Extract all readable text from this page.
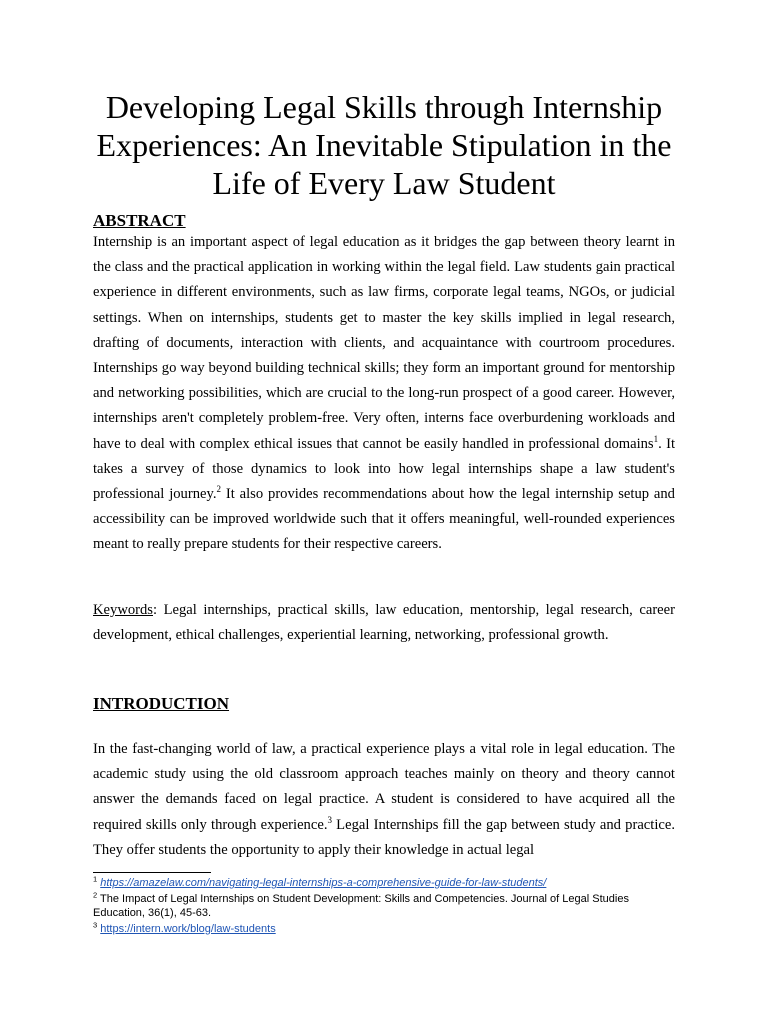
Developing Legal Skills through Internship Experiences: An Inevitable Stipulation in the Life of Every Law Student
ABSTRACT

Internship is an important aspect of legal education as it bridges the gap between theory learnt in the class and the practical application in working within the legal field. Law students gain practical experience in different environments, such as law firms, corporate legal teams, NGOs, or judicial settings. When on internships, students get to master the key skills implied in legal research, drafting of documents, interaction with clients, and acquaintance with courtroom procedures. Internships go way beyond building technical skills; they form an important ground for mentorship and networking possibilities, which are crucial to the long-run prospect of a good career. However, internships aren't completely problem-free. Very often, interns face overburdening workloads and have to deal with complex ethical issues that cannot be easily handled in professional domains$^1$. It takes a survey of those dynamics to look into how legal internships shape a law student's professional journey.$^2$ It also provides recommendations about how the legal internship setup and accessibility can be improved worldwide such that it offers meaningful, well-rounded experiences meant to really prepare students for their respective careers.

Keywords: Legal internships, practical skills, law education, mentorship, legal research, career development, ethical challenges, experiential learning, networking, professional growth.

INTRODUCTION

In the fast-changing world of law, a practical experience plays a vital role in legal education. The academic study using the old classroom approach teaches mainly on theory and theory cannot answer the demands faced on legal practice. A student is considered to have acquired all the required skills only through experience.$^3$ Legal Internships fill the gap between study and practice. They offer students the opportunity to apply their knowledge in actual legal

$^1$ https://amazelaw.com/navigating-legal-internships-a-comprehensive-guide-for-law-students/

$^2$ The Impact of Legal Internships on Student Development: Skills and Competencies. Journal of Legal Studies Education, 36(1), 45-63.

$^3$ https://intern.work/blog/law-students
